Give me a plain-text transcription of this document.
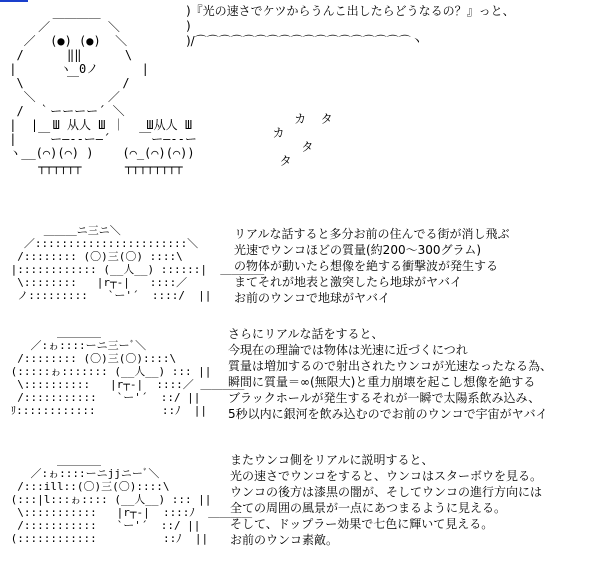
＿＿＿＿
／        ＼
／  (●) (●)  ＼
/      ‖‖      \
|      ヽ 0ノ      |
\      ￣      /
＼          ／
/  ｀ーーーー´ ＼
|  |  Ш 从人 Ш ｜   Ш从人 Ш
|   ￣ー―‐‐ー―´    ￣ー―‐‐ー
ヽ__(⌒)(⌒) )    (⌒_(⌒)(⌒))
┬┬┬┬┬┬      ┬┬┬┬┬┬┬┬
カ  タ
カ
タ
タ
)『光の速さでケツからうんこ出したらどうなるの？』っと、
)
)/⌒⌒⌒⌒⌒⌒⌒⌒⌒⌒⌒⌒⌒⌒⌒⌒⌒⌒丶
＿＿＿ニ三ニ＼
／:::::::::::::::::::::::＼
/:::::::: (〇)三(〇) ::::\
|:::::::::::: (__人__) ::::::|  ＿＿＿＿
\::::::::   |r┬-|   ::::／
ノ:::::::::   `ー'´  ::::/  ||
リアルな話すると多分お前の住んでる街が消し飛ぶ
光速でウンコほどの質量(約200〜300グラム)
の物体が動いたら想像を絶する衝撃波が発生する
まてそれが地表と激突したら地球がヤバイ
お前のウンコで地球がヤバイ
＿＿＿＿
／:ゎ::::ーニ三ーﾞ＼
/:::::::: (〇)三(〇)::::\
(:::::ゎ::::::: (__人__) ::: ||
\::::::::::   |r┬-|  ::::／ ＿＿＿＿
/:::::::::::   `ー'´  ::/ ||
ﾘ::::::::::::          ::ﾉ  ||
さらにリアルな話をすると、
今現在の理論では物体は光速に近づくにつれ
質量は増加するので射出されたウンコが光速なったなる為、
瞬間に質量＝∞(無限大)と重力崩壊を起こし想像を絶する
ブラックホールが発生するそれが一瞬で太陽系飲み込み、
5秒以内に銀河を飲み込むのでお前のウンコで宇宙がヤバイ
＿＿＿＿
／:ゎ::::ーニjjニーﾞ＼
/:::ill::(〇)三(〇)::::\
(:::|l:::ゎ:::: (__人__) ::: ||
\:::::::::::   |r┬-|  ::::ﾉ  ＿＿＿＿
/:::::::::::   `ー'´  ::/ ||
(::::::::::::          ::ﾉ  ||
またウンコ側をリアルに説明すると、
光の速さでウンコをすると、ウンコはスターボウを見る。
ウンコの後方は漆黒の闇が、そしてウンコの進行方向には
全ての周囲の風景が一点にあつまるように見える。
そして、ドップラー効果で七色に輝いて見える。
お前のウンコ素敵。
